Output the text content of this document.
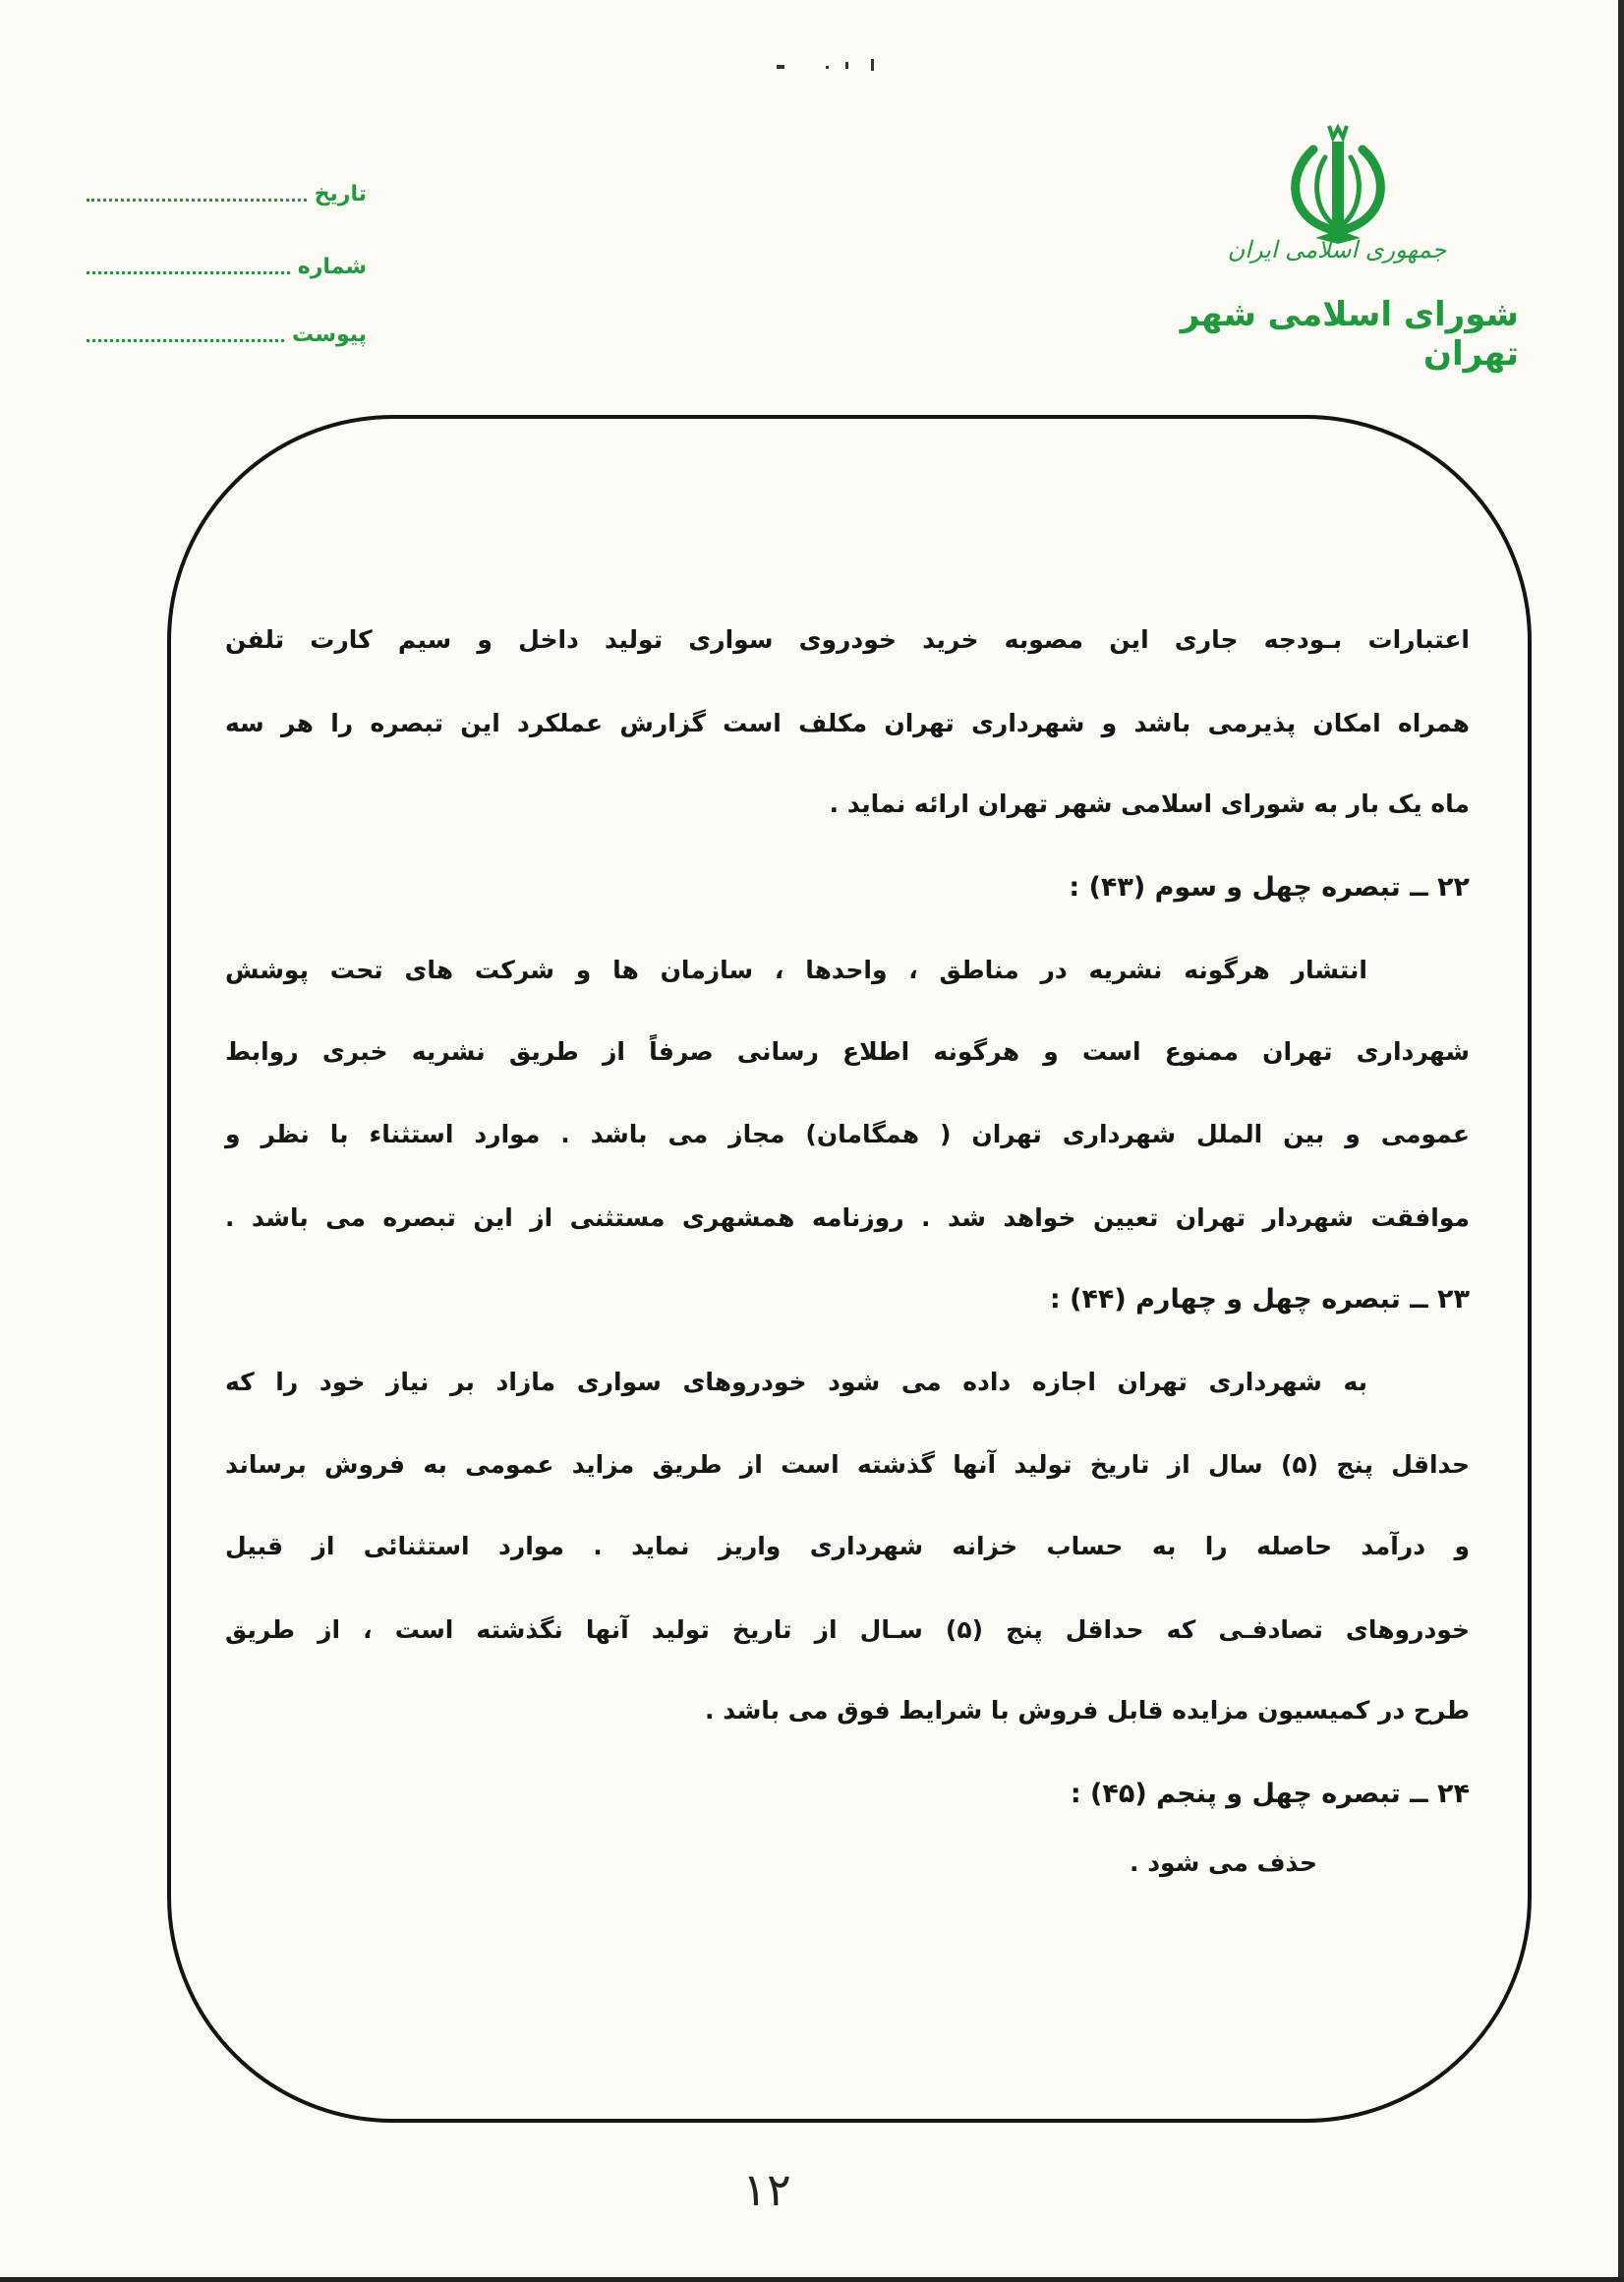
جمهوری اسلامی ایران
شورای اسلامی شهر تهران
تاریخ
شماره
پیوست
اعتبارات بـودجه جاری این مصوبه خرید خودروی سواری تولید داخل و سیم کارت تلفن
همراه امکان پذیرمی باشد و شهرداری تهران مکلف است گزارش عملکرد این تبصره را هر سه
ماه یک بار به شورای اسلامی شهر تهران ارائه نماید .
۲۲ ــ تبصره چهل و سوم (۴۳) :
انتشار هرگونه نشریه در مناطق ، واحدها ، سازمان ها و شرکت های تحت پوشش
شهرداری تهران ممنوع است و هرگونه اطلاع رسانی صرفاً از طریق نشریه خبری روابط
عمومی و بین الملل شهرداری تهران ( همگامان) مجاز می باشد . موارد استثناء با نظر و
موافقت شهردار تهران تعیین خواهد شد . روزنامه همشهری مستثنی از این تبصره می باشد .
۲۳ ــ تبصره چهل و چهارم (۴۴) :
به شهرداری تهران اجازه داده می شود خودروهای سواری مازاد بر نیاز خود را که
حداقل پنج (۵) سال از تاریخ تولید آنها گذشته است از طریق مزاید عمومی به فروش برساند
و درآمد حاصله را به حساب خزانه شهرداری واریز نماید . موارد استثنائی از قبیل
خودروهای تصادفـی که حداقل پنج (۵) سـال از تاریخ تولید آنها نگذشته است ، از طریق
طرح در کمیسیون مزایده قابل فروش با شرایط فوق می باشد .
۲۴ ــ تبصره چهل و پنجم (۴۵) :
حذف می شود .
۱۲
